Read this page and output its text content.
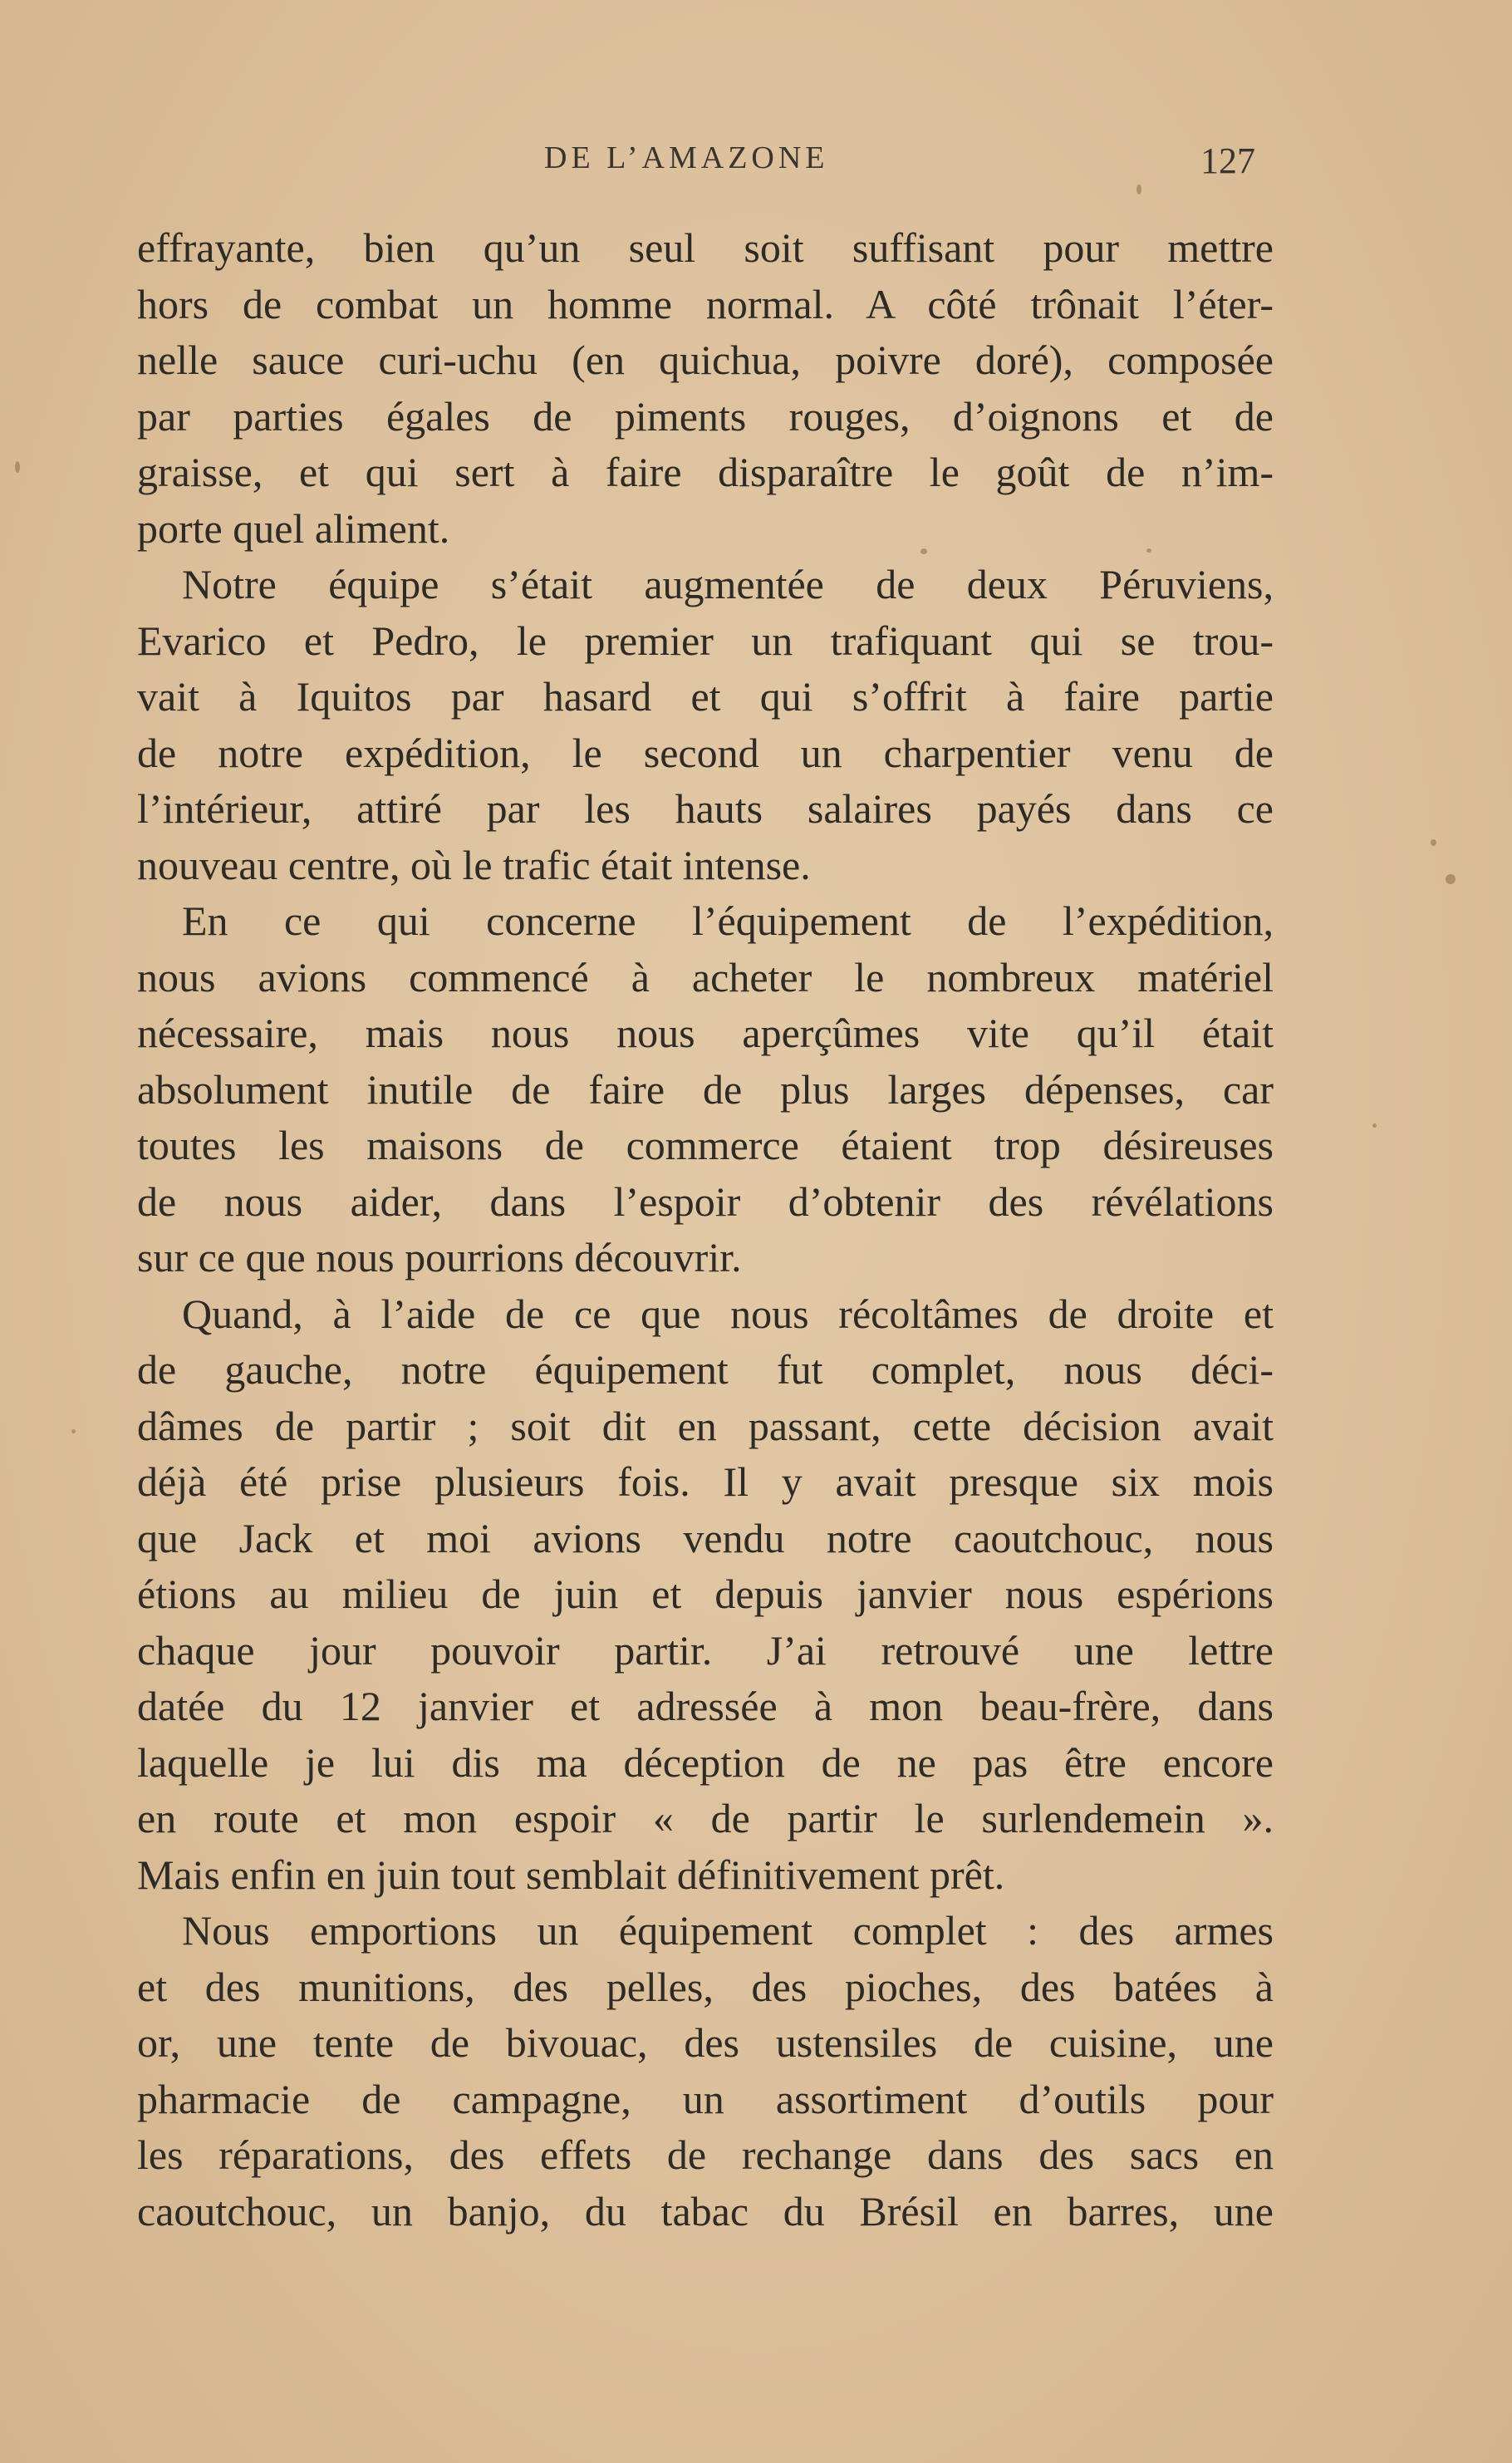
DE L’AMAZONE	127

effrayante, bien qu’un seul soit suffisant pour mettre

hors de combat un homme normal. A côté trônait l’éter-

nelle sauce curi-uchu (en quichua, poivre doré), composée

par parties égales de piments rouges, d’oignons et de

graisse, et qui sert à faire disparaître le goût de n’im-

porte quel aliment.

Notre équipe s’était augmentée de deux Péruviens,

Evarico et Pedro, le premier un trafiquant qui se trou-

vait à Iquitos par hasard et qui s’offrit à faire partie

de notre expédition, le second un charpentier venu de

l’intérieur, attiré par les hauts salaires payés dans ce

nouveau centre, où le trafic était intense.

En ce qui concerne l’équipement de l’expédition,

nous avions commencé à acheter le nombreux matériel

nécessaire, mais nous nous aperçûmes vite qu’il était

absolument inutile de faire de plus larges dépenses, car

toutes les maisons de commerce étaient trop désireuses

de nous aider, dans l’espoir d’obtenir des révélations

sur ce que nous pourrions découvrir.

Quand, à l’aide de ce que nous récoltâmes de droite et

de gauche, notre équipement fut complet, nous déci-

dâmes de partir ; soit dit en passant, cette décision avait

déjà été prise plusieurs fois. Il y avait presque six mois

que Jack et moi avions vendu notre caoutchouc, nous

étions au milieu de juin et depuis janvier nous espérions

chaque jour pouvoir partir. J’ai retrouvé une lettre

datée du 12 janvier et adressée à mon beau-frère, dans

laquelle je lui dis ma déception de ne pas être encore

en route et mon espoir « de partir le surlendemein ».

Mais enfin en juin tout semblait définitivement prêt.

Nous emportions un équipement complet : des armes

et des munitions, des pelles, des pioches, des batées à

or, une tente de bivouac, des ustensiles de cuisine, une

pharmacie de campagne, un assortiment d’outils pour

les réparations, des effets de rechange dans des sacs en

caoutchouc, un banjo, du tabac du Brésil en barres, une
